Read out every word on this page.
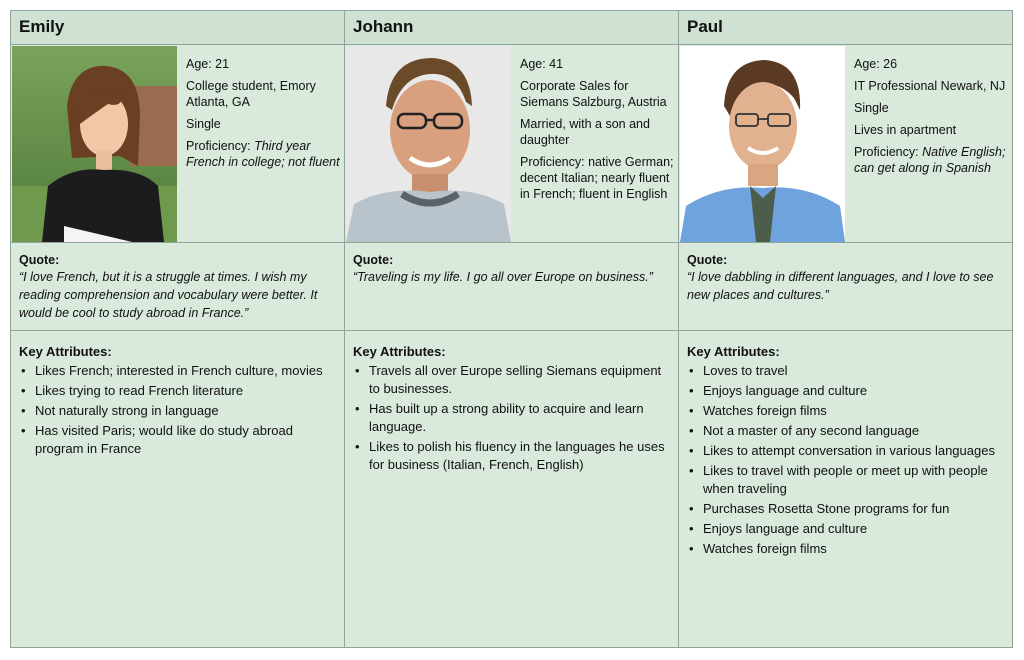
Emily

Age: 21

College student, Emory Atlanta, GA

Single

Proficiency: Third year French in college; not fluent

Quote:
“I love French, but it is a struggle at times. I wish my reading comprehension and vocabulary were better. It would be cool to study abroad in France.”
Key Attributes:
• Likes French; interested in French culture, movies
• Likes trying to read French literature
• Not naturally strong in language
• Has visited Paris; would like do study abroad program in France
Johann

Age: 41

Corporate Sales for Siemans Salzburg, Austria

Married, with a son and daughter

Proficiency: native German; decent Italian; nearly fluent in French; fluent in English

Quote:
“Traveling is my life. I go all over Europe on business.”
Key Attributes:
• Travels all over Europe selling Siemans equipment to businesses.
• Has built up a strong ability to acquire and learn language.
• Likes to polish his fluency in the languages he uses for business (Italian, French, English)
Paul

Age: 26

IT Professional Newark, NJ

Single

Lives in apartment

Proficiency: Native English; can get along in Spanish

Quote:
“I love dabbling in different languages, and I love to see new places and cultures.”
Key Attributes:
• Loves to travel
• Enjoys language and culture
• Watches foreign films
• Not a master of any second language
• Likes to attempt conversation in various languages
• Likes to travel with people or meet up with people when traveling
• Purchases Rosetta Stone programs for fun
• Enjoys language and culture
• Watches foreign films
